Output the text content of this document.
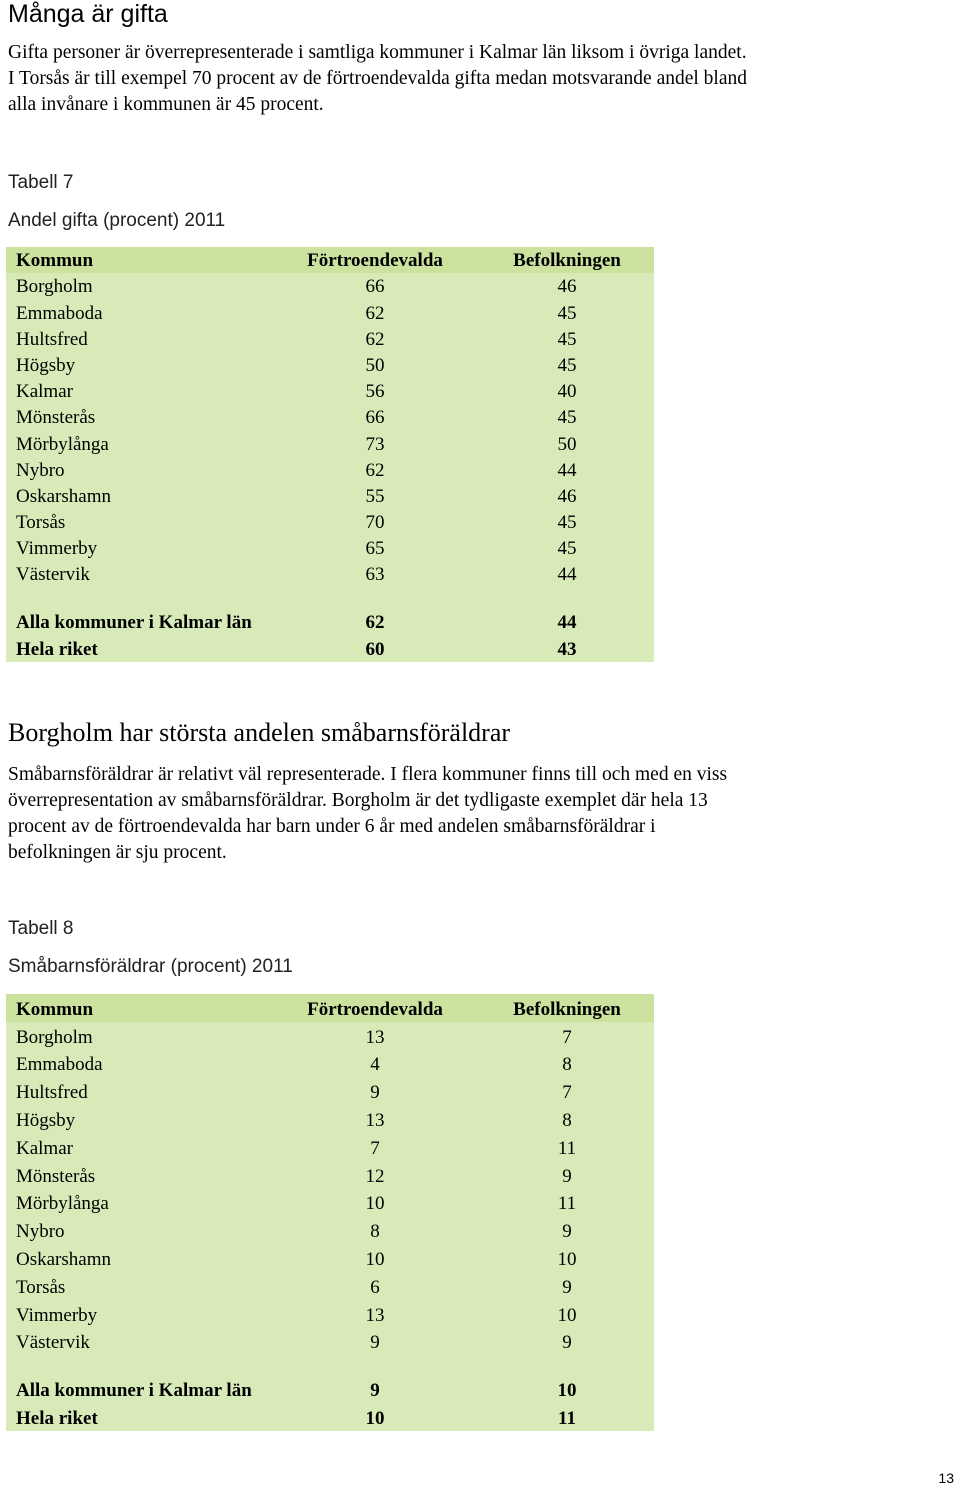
Många är gifta

Gifta personer är överrepresenterade i samtliga kommuner i Kalmar län liksom i övriga landet. I Torsås är till exempel 70 procent av de förtroendevalda gifta medan motsvarande andel bland alla invånare i kommunen är 45 procent.

Tabell 7
Andel gifta (procent) 2011
Kommun	Förtroendevalda	Befolkningen
Borgholm	66	46
Emmaboda	62	45
Hultsfred	62	45
Högsby	50	45
Kalmar	56	40
Mönsterås	66	45
Mörbylånga	73	50
Nybro	62	44
Oskarshamn	55	46
Torsås	70	45
Vimmerby	65	45
Västervik	63	44
Alla kommuner i Kalmar län	62	44
Hela riket	60	43
Borgholm har största andelen småbarnsföräldrar

Småbarnsföräldrar är relativt väl representerade. I flera kommuner finns till och med en viss överrepresentation av småbarnsföräldrar. Borgholm är det tydligaste exemplet där hela 13 procent av de förtroendevalda har barn under 6 år med andelen småbarnsföräldrar i befolkningen är sju procent.

Tabell 8
Småbarnsföräldrar (procent) 2011
Kommun	Förtroendevalda	Befolkningen
Borgholm	13	7
Emmaboda	4	8
Hultsfred	9	7
Högsby	13	8
Kalmar	7	11
Mönsterås	12	9
Mörbylånga	10	11
Nybro	8	9
Oskarshamn	10	10
Torsås	6	9
Vimmerby	13	10
Västervik	9	9
Alla kommuner i Kalmar län	9	10
Hela riket	10	11
13
